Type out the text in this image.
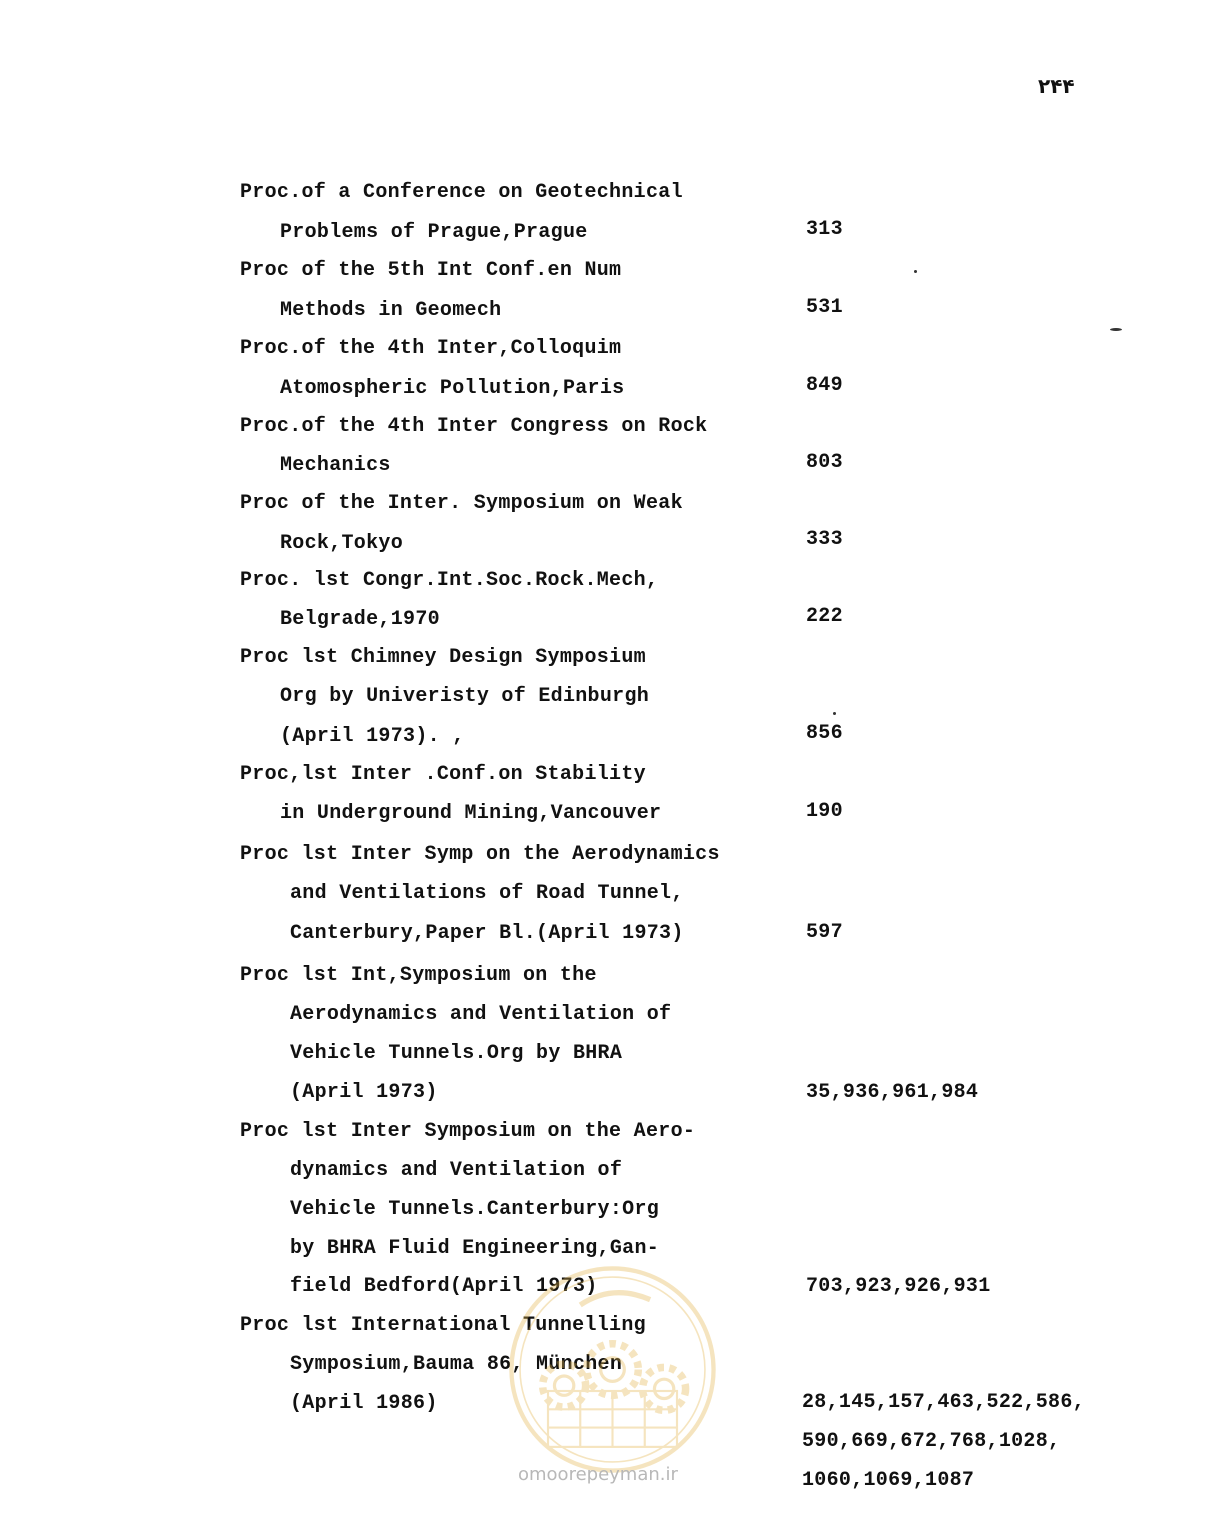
۲۴۴
Proc.of a Conference on Geotechnical
Problems of Prague,Prague	313
Proc of the 5th Int Conf.en Num
Methods in Geomech	531
Proc.of the 4th Inter,Colloquim
Atomospheric Pollution,Paris	849
Proc.of the 4th Inter Congress on Rock
Mechanics	803
Proc of the Inter. Symposium on Weak
Rock,Tokyo	333
Proc. lst Congr.Int.Soc.Rock.Mech,
Belgrade,1970	222
Proc lst Chimney Design Symposium
Org by Univeristy of Edinburgh
(April 1973). ,	856
Proc,lst Inter .Conf.on Stability
in Underground Mining,Vancouver	190
Proc lst Inter Symp on the Aerodynamics
and Ventilations of Road Tunnel,
Canterbury,Paper Bl.(April 1973)	597
Proc lst Int,Symposium on the
Aerodynamics and Ventilation of
Vehicle Tunnels.Org by BHRA
(April 1973)	35,936,961,984
Proc lst Inter Symposium on the Aero-
dynamics and Ventilation of
Vehicle Tunnels.Canterbury:Org
by BHRA Fluid Engineering,Gan-
field Bedford(April 1973)	703,923,926,931
Proc lst International Tunnelling
Symposium,Bauma 86, München
(April 1986)	28,145,157,463,522,586,
590,669,672,768,1028,
1060,1069,1087
omoorepeyman.ir
